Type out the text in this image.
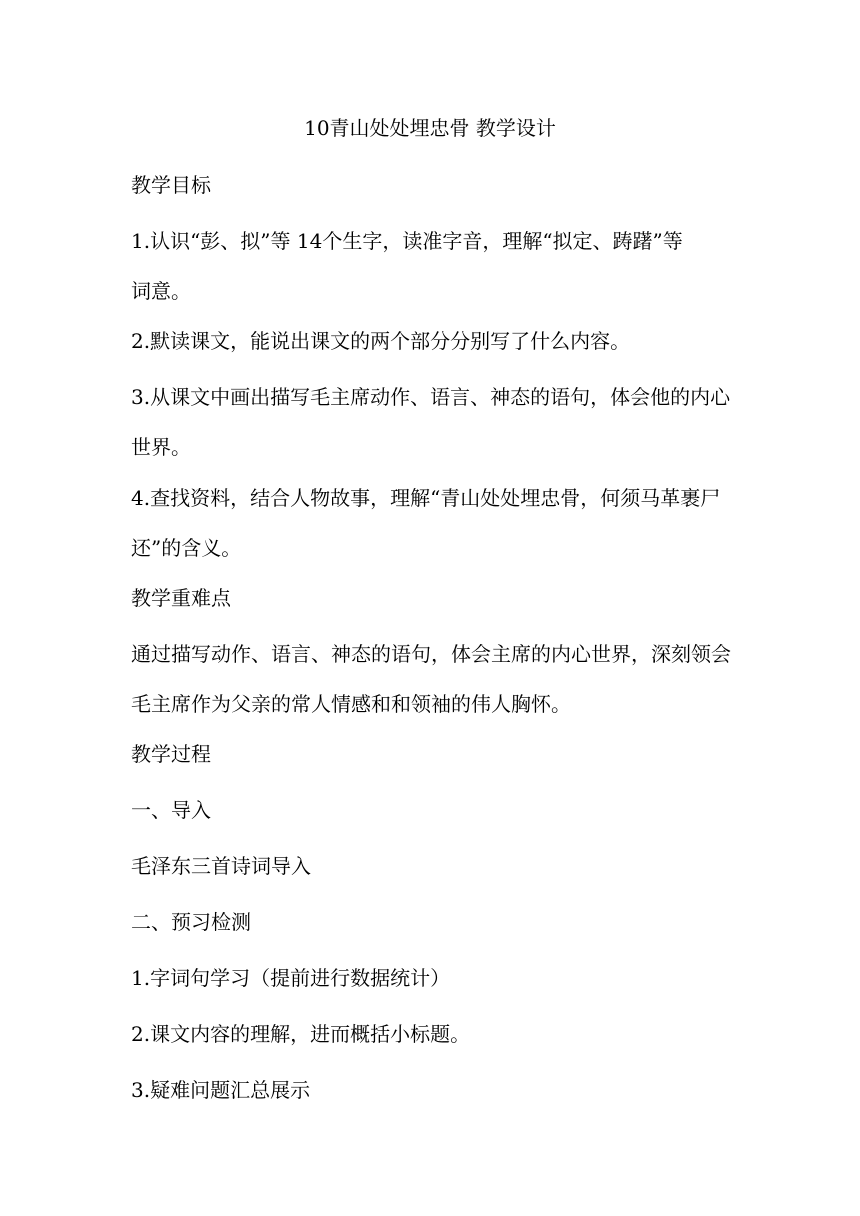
10青山处处埋忠骨 教学设计
教学目标
1.认识“彭、拟”等 14个生字，读准字音，理解“拟定、踌躇”等
词意。
2.默读课文，能说出课文的两个部分分别写了什么内容。
3.从课文中画出描写毛主席动作、语言、神态的语句，体会他的内心
世界。
4.查找资料，结合人物故事，理解“青山处处埋忠骨，何须马革裹尸
还”的含义。
教学重难点
通过描写动作、语言、神态的语句，体会主席的内心世界，深刻领会
毛主席作为父亲的常人情感和和领袖的伟人胸怀。
教学过程
一、导入
毛泽东三首诗词导入
二、预习检测
1.字词句学习（提前进行数据统计）
2.课文内容的理解，进而概括小标题。
3.疑难问题汇总展示
